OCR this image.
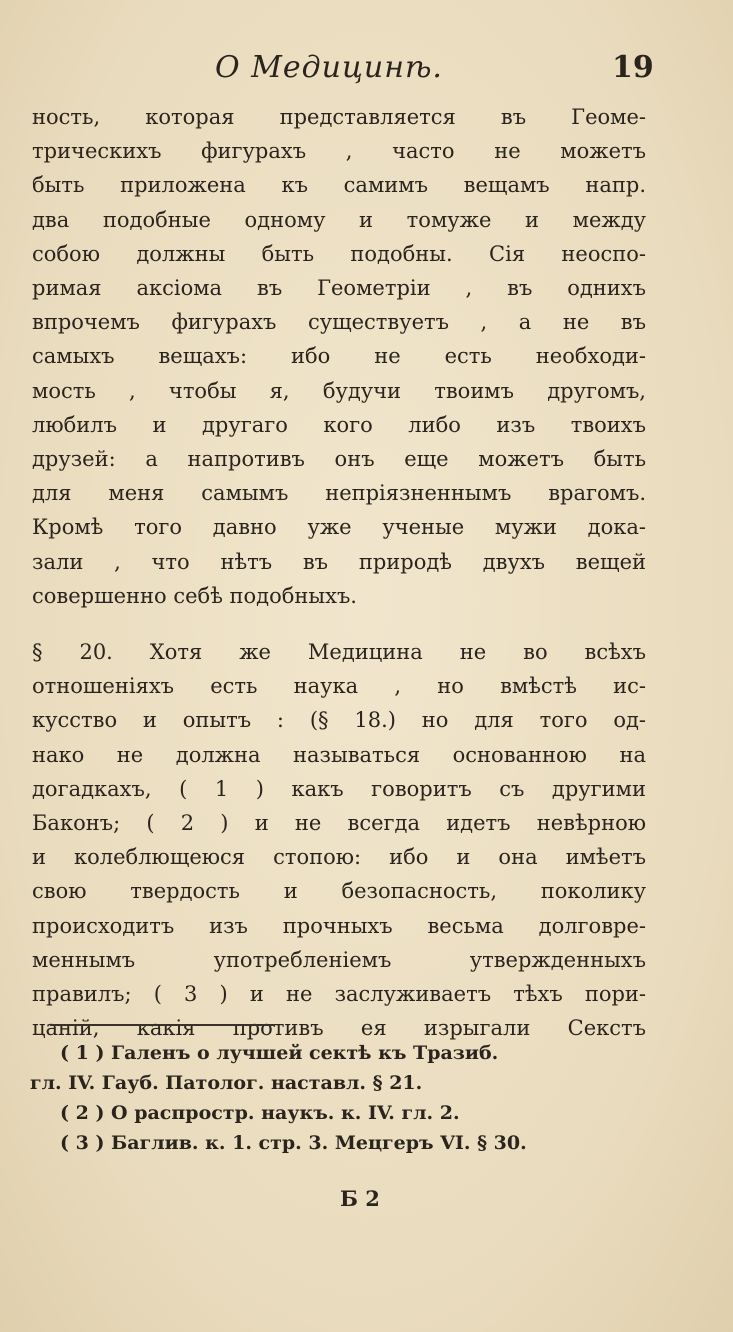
О Медицинѣ.	19
ность, которая представляется въ Геоме-
трическихъ фигурахъ , часто не можетъ
быть приложена къ самимъ вещамъ напр.
два подобные одному и томуже и между
собою должны быть подобны. Сія неоспо-
римая аксіома въ Геометріи , въ однихъ
впрочемъ фигурахъ существуетъ , а не въ
самыхъ вещахъ: ибо не есть необходи-
мость , чтобы я, будучи твоимъ другомъ,
любилъ и другаго кого либо изъ твоихъ
друзей: а напротивъ онъ еще можетъ быть
для меня самымъ непріязненнымъ врагомъ.
Кромѣ того давно уже ученые мужи дока-
зали , что нѣтъ въ природѣ двухъ вещей
совершенно себѣ подобныхъ.
§ 20. Хотя же Медицина не во всѣхъ
отношеніяхъ есть наука , но вмѣстѣ ис-
кусство и опытъ : (§ 18.) но для того од-
нако не должна называться основанною на
догадкахъ, ( 1 ) какъ говоритъ съ другими
Баконъ; ( 2 ) и не всегда идетъ невѣрною
и колеблющеюся стопою: ибо и она имѣетъ
свою твердость и безопасность, поколику
происходитъ изъ прочныхъ весьма долговре-
меннымъ употребленіемъ утвержденныхъ
правилъ; ( 3 ) и не заслуживаетъ тѣхъ пори-
цаній, какія противъ ея изрыгали Секстъ
( 1 ) Галенъ о лучшей сектѣ къ Тразиб.
гл. IV. Гауб. Патолог. наставл. § 21.
( 2 ) О распростр. наукъ. к. IV. гл. 2.
( 3 ) Баглив. к. 1. стр. 3. Мецгеръ VI. § 30.
Б 2
